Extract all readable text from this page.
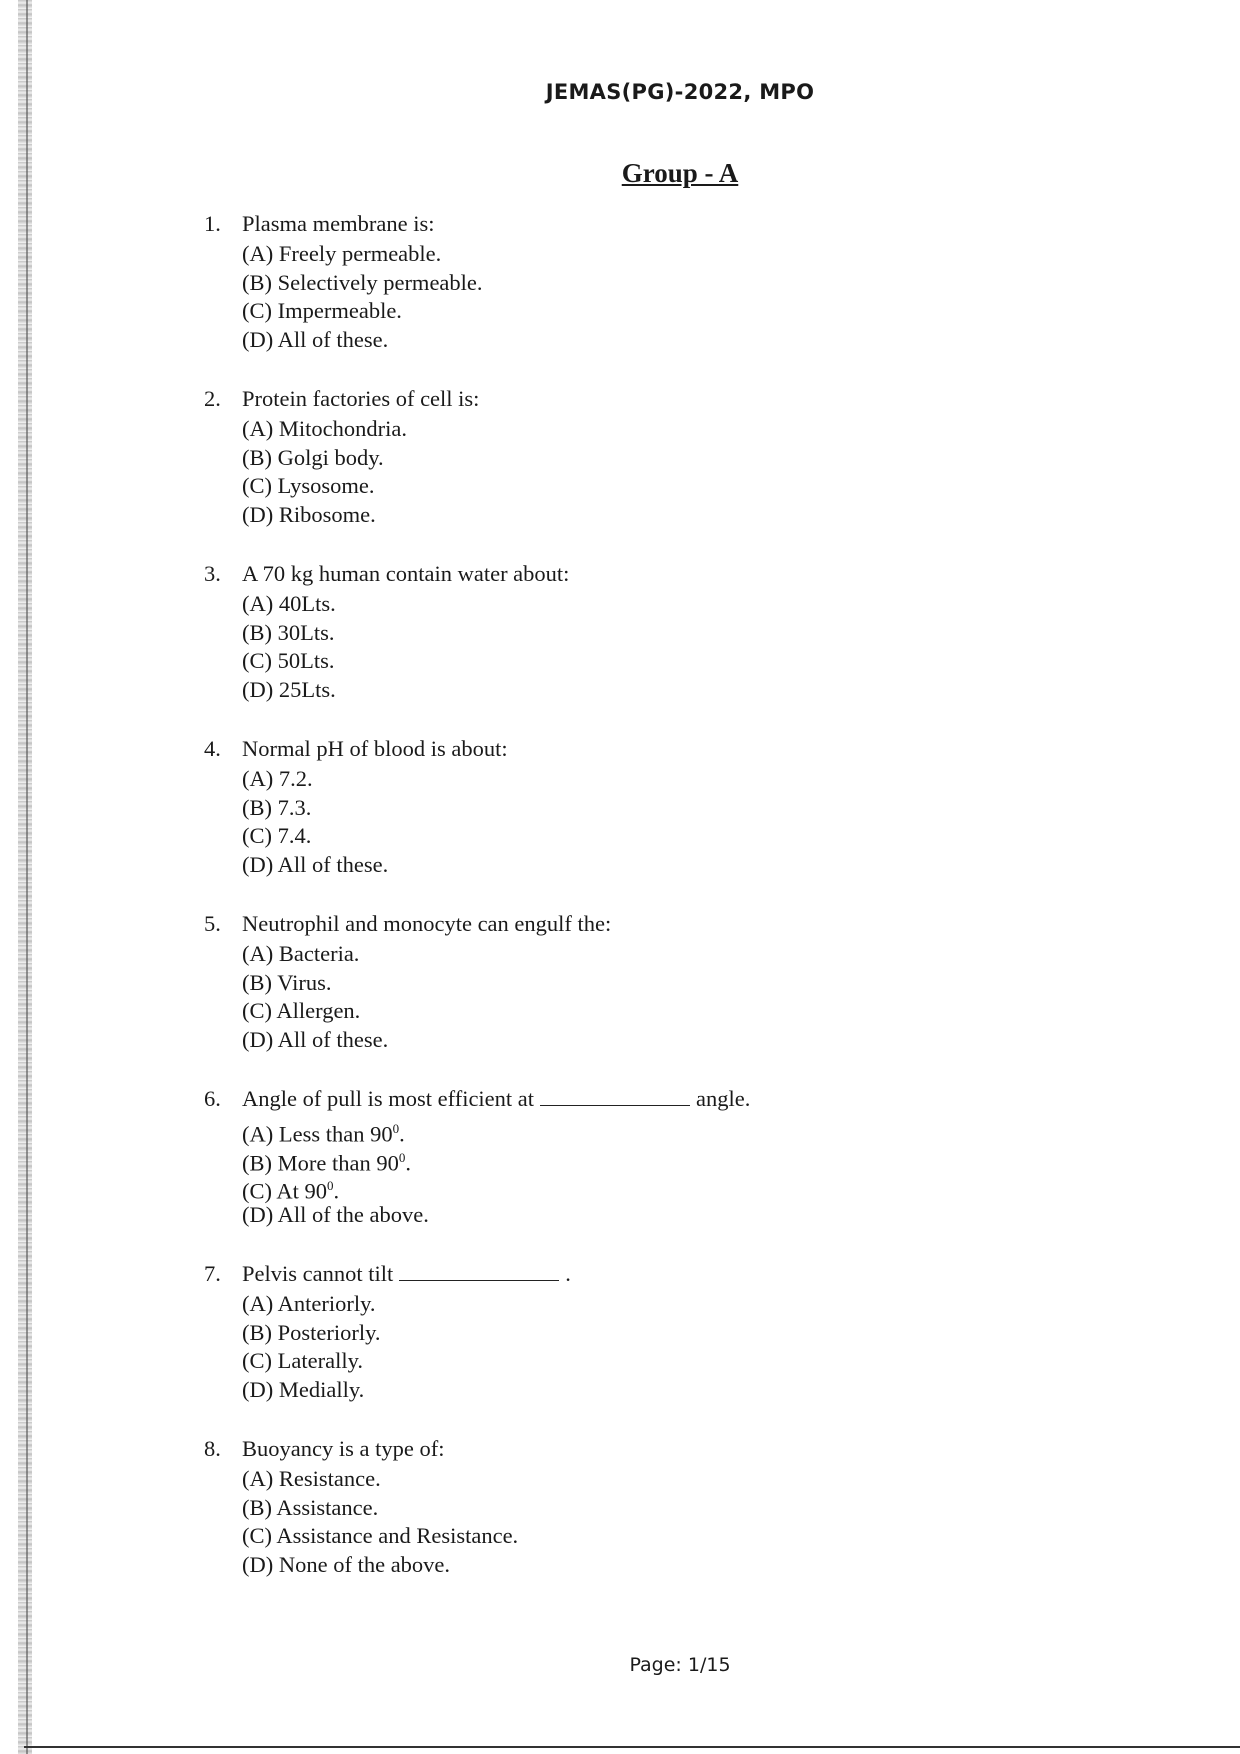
JEMAS(PG)-2022, MPO
Group - A
1. Plasma membrane is:
(A) Freely permeable.
(B) Selectively permeable.
(C) Impermeable.
(D) All of these.
2. Protein factories of cell is:
(A) Mitochondria.
(B) Golgi body.
(C) Lysosome.
(D) Ribosome.
3. A 70 kg human contain water about:
(A) 40Lts.
(B) 30Lts.
(C) 50Lts.
(D) 25Lts.
4. Normal pH of blood is about:
(A) 7.2.
(B) 7.3.
(C) 7.4.
(D) All of these.
5. Neutrophil and monocyte can engulf the:
(A) Bacteria.
(B) Virus.
(C) Allergen.
(D) All of these.
6. Angle of pull is most efficient at	angle.
(A) Less than $90^0$.
(B) More than $90^0$.
(C) At $90^0$.
(D) All of the above.
7. Pelvis cannot tilt	.
(A) Anteriorly.
(B) Posteriorly.
(C) Laterally.
(D) Medially.
8. Buoyancy is a type of:
(A) Resistance.
(B) Assistance.
(C) Assistance and Resistance.
(D) None of the above.
Page: 1/15
